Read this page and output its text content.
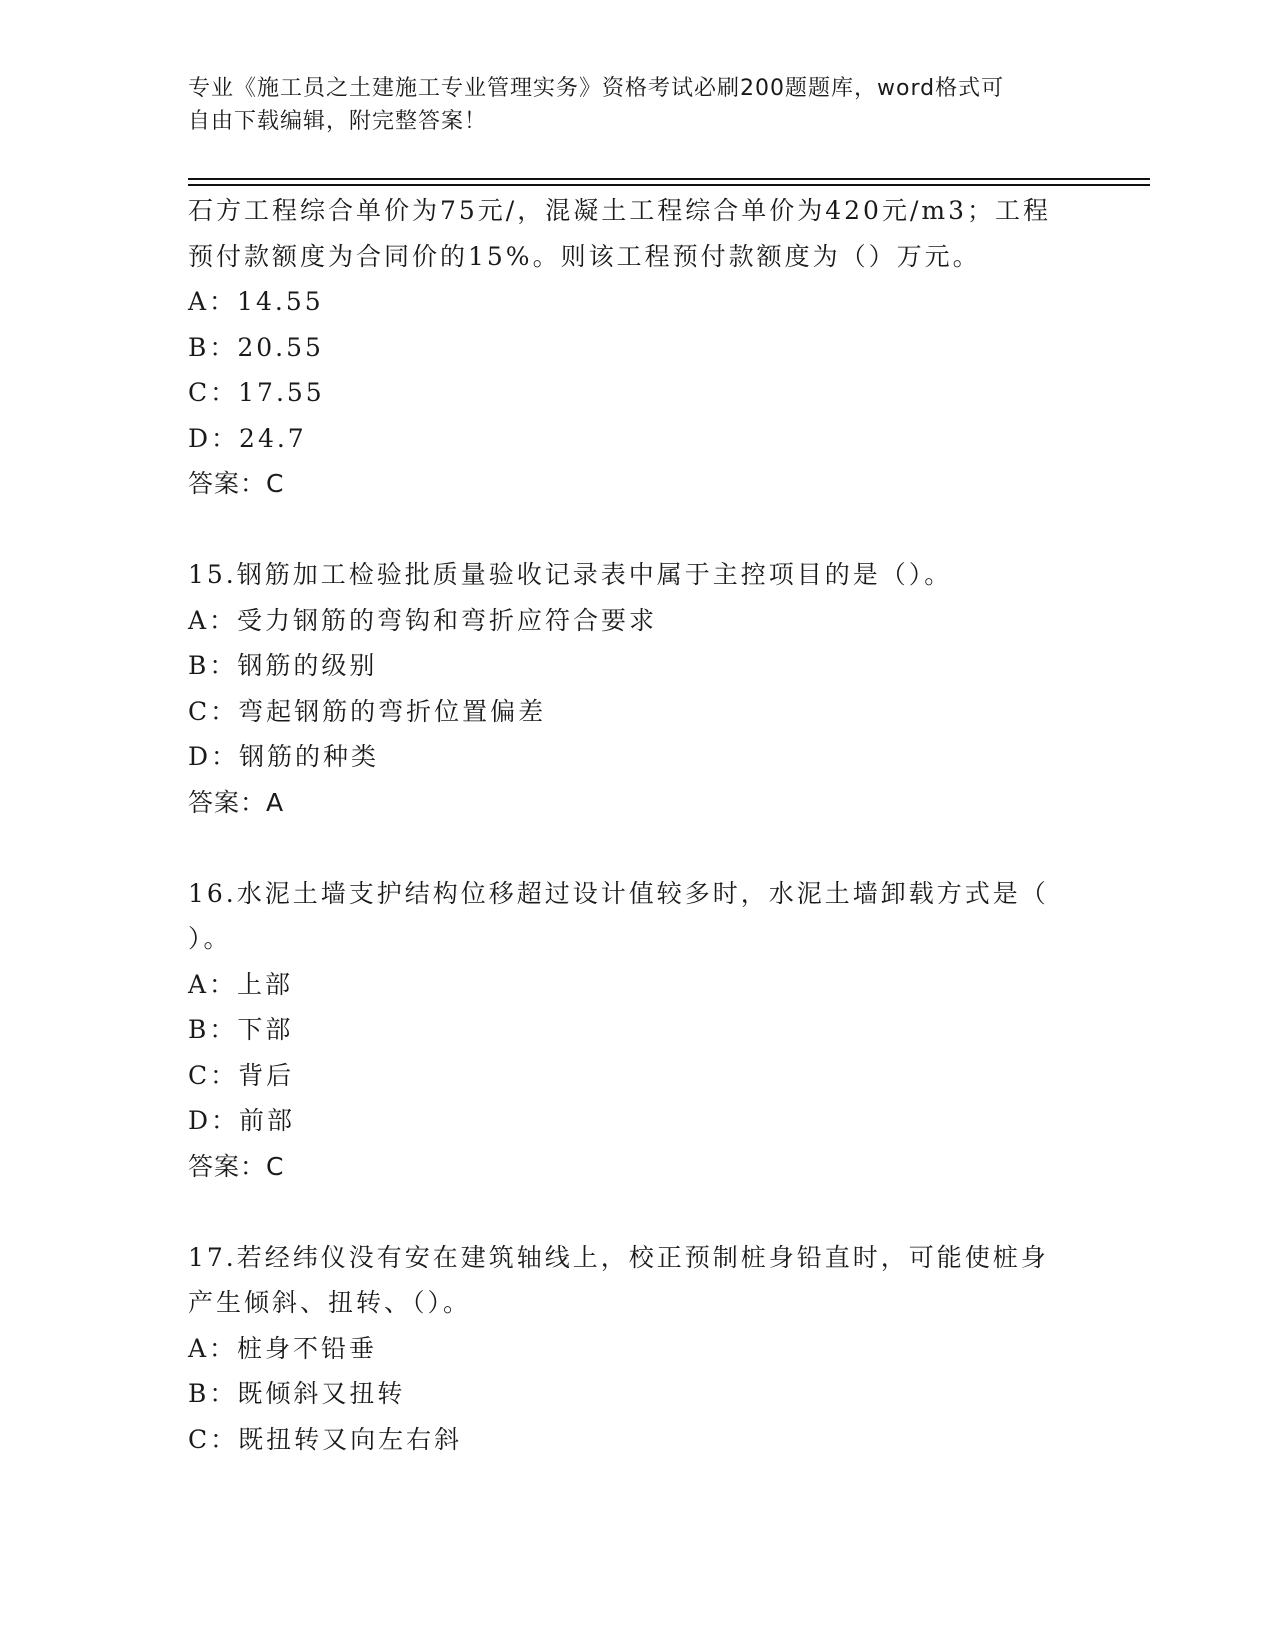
专业《施工员之土建施工专业管理实务》资格考试必刷200题题库，word格式可
自由下载编辑，附完整答案！
石方工程综合单价为75元/，混凝土工程综合单价为420元/m3；工程
预付款额度为合同价的15%。则该工程预付款额度为（）万元。
A：14.55
B：20.55
C：17.55
D：24.7
答案：C
15.钢筋加工检验批质量验收记录表中属于主控项目的是（）。
A：受力钢筋的弯钩和弯折应符合要求
B：钢筋的级别
C：弯起钢筋的弯折位置偏差
D：钢筋的种类
答案：A
16.水泥土墙支护结构位移超过设计值较多时，水泥土墙卸载方式是（
）。
A：上部
B：下部
C：背后
D：前部
答案：C
17.若经纬仪没有安在建筑轴线上，校正预制桩身铅直时，可能使桩身
产生倾斜、扭转、（）。
A：桩身不铅垂
B：既倾斜又扭转
C：既扭转又向左右斜
